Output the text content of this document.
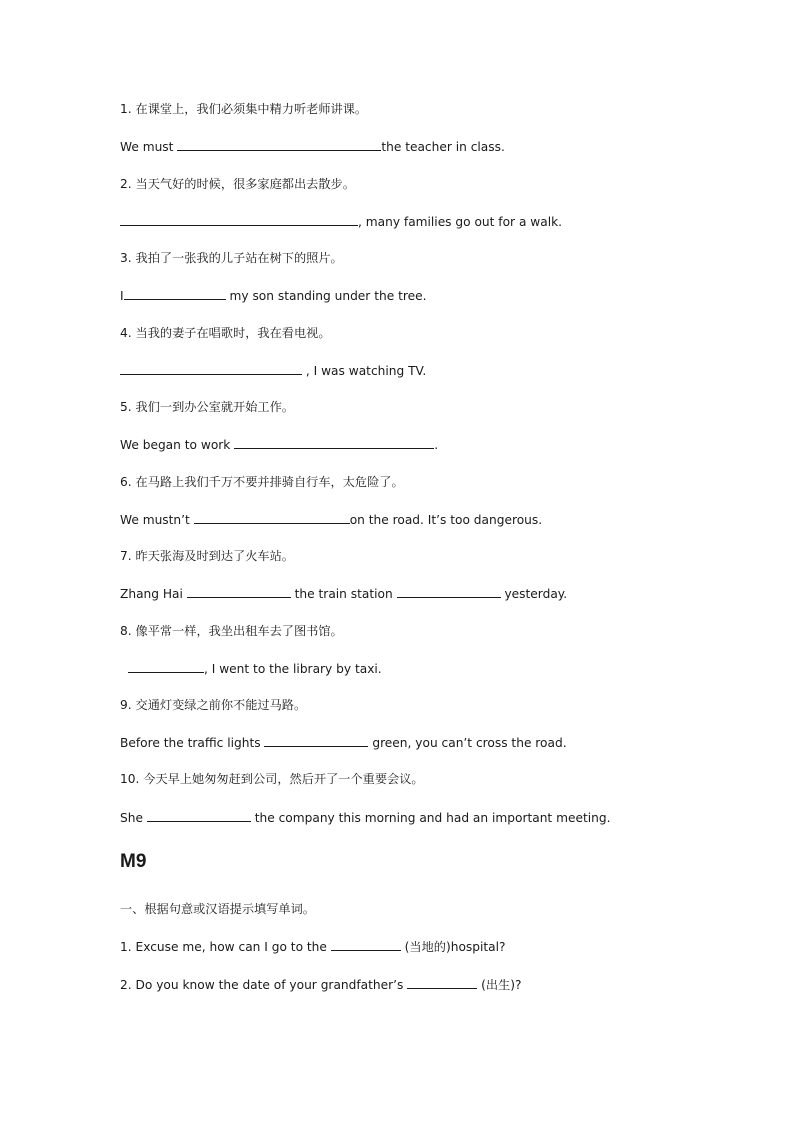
1. 在课堂上，我们必须集中精力听老师讲课。
We must	the teacher in class.
2. 当天气好的时候，很多家庭都出去散步。
, many families go out for a walk.
3. 我拍了一张我的儿子站在树下的照片。
I	my son standing under the tree.
4. 当我的妻子在唱歌时，我在看电视。
, I was watching TV.
5. 我们一到办公室就开始工作。
We began to work	.
6. 在马路上我们千万不要并排骑自行车，太危险了。
We mustn’t	on the road. It’s too dangerous.
7. 昨天张海及时到达了火车站。
Zhang Hai	the train station	yesterday.
8. 像平常一样，我坐出租车去了图书馆。
, I went to the library by taxi.
9. 交通灯变绿之前你不能过马路。
Before the traffic lights	green, you can’t cross the road.
10. 今天早上她匆匆赶到公司，然后开了一个重要会议。
She	the company this morning and had an important meeting.
M9
一、根据句意或汉语提示填写单词。
1. Excuse me, how can I go to the	(当地的)hospital?
2. Do you know the date of your grandfather’s	(出生)?
